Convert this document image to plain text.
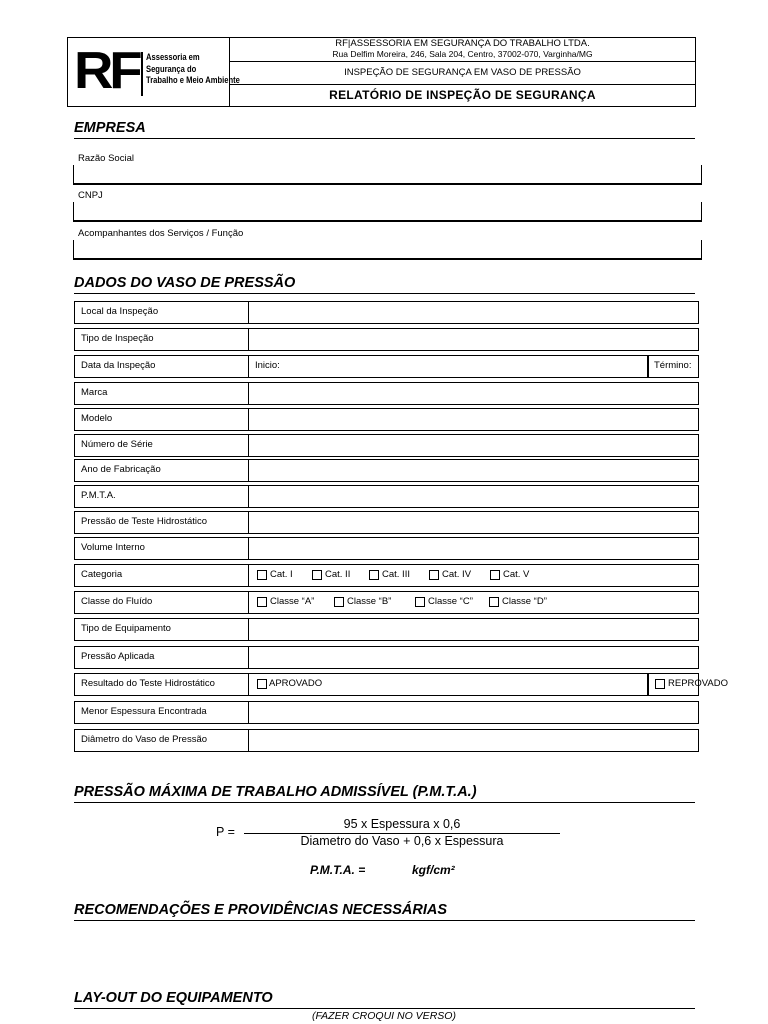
RF Assessoria em
Segurança do
Trabalho e Meio Ambiente
RF|ASSESSORIA EM SEGURANÇA DO TRABALHO LTDA.
Rua Delfim Moreira, 246, Sala 204, Centro, 37002-070, Varginha/MG
INSPEÇÃO DE SEGURANÇA EM VASO DE PRESSÃO
RELATÓRIO DE INSPEÇÃO DE SEGURANÇA
EMPRESA
Razão Social
CNPJ
Acompanhantes dos Serviços / Função
DADOS DO VASO DE PRESSÃO
Local da Inspeção
Tipo de Inspeção
Data da Inspeção	Inicio:	Término:
Marca
Modelo
Número de Série
Ano de Fabricação
P.M.T.A.
Pressão de Teste Hidrostático
Volume Interno
Categoria	Cat. I	Cat. II	Cat. III	Cat. IV	Cat. V
Classe do Fluído	Classe “A”	Classe “B”	Classe “C”	Classe “D”
Tipo de Equipamento
Pressão Aplicada
Resultado do Teste Hidrostático	APROVADO	REPROVADO
Menor Espessura Encontrada
Diâmetro do Vaso de Pressão
PRESSÃO MÁXIMA DE TRABALHO ADMISSÍVEL (P.M.T.A.)
P =
95 x Espessura x 0,6
Diametro do Vaso + 0,6 x Espessura
P.M.T.A. =	kgf/cm²
RECOMENDAÇÕES E PROVIDÊNCIAS NECESSÁRIAS
LAY-OUT DO EQUIPAMENTO
(FAZER CROQUI NO VERSO)
